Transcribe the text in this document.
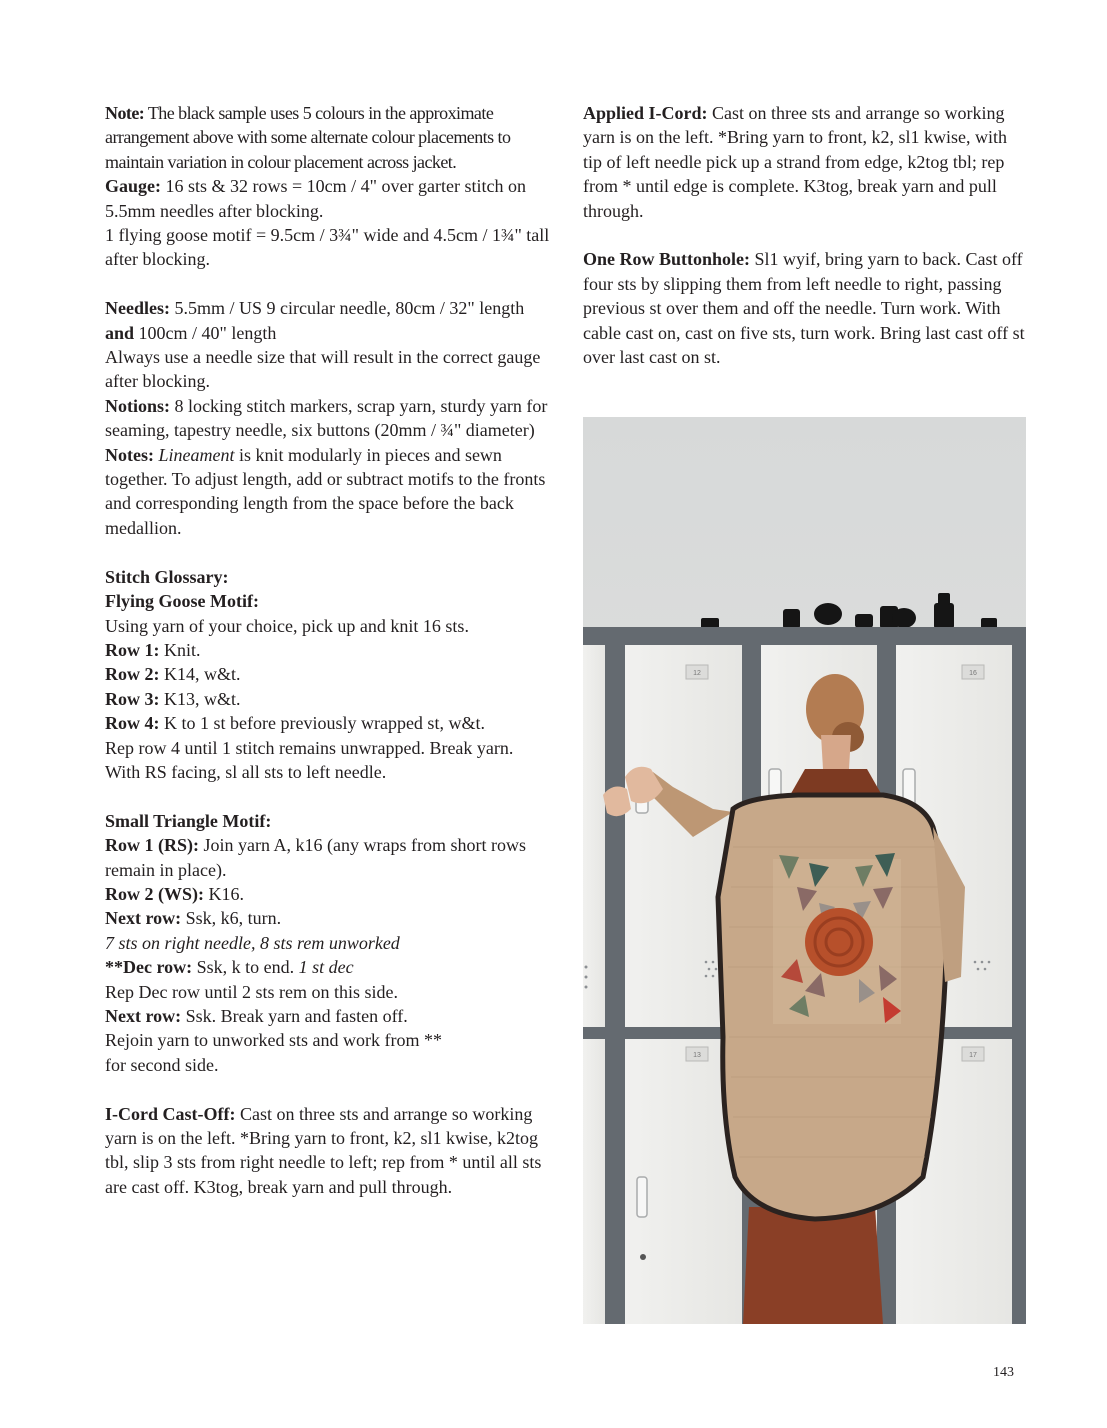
Note: The black sample uses 5 colours in the approximate arrangement above with some alternate colour placements to maintain variation in colour placement across jacket.

Gauge: 16 sts & 32 rows = 10cm / 4" over garter stitch on 5.5mm needles after blocking.

1 flying goose motif = 9.5cm / 3¾" wide and 4.5cm / 1¾" tall after blocking.

Needles: 5.5mm / US 9 circular needle, 80cm / 32" length and 100cm / 40" length

Always use a needle size that will result in the correct gauge after blocking.

Notions: 8 locking stitch markers, scrap yarn, sturdy yarn for seaming, tapestry needle, six buttons (20mm / ¾" diameter)

Notes: Lineament is knit modularly in pieces and sewn together. To adjust length, add or subtract motifs to the fronts and corresponding length from the space before the back medallion.

Stitch Glossary:

Flying Goose Motif:

Using yarn of your choice, pick up and knit 16 sts.

Row 1: Knit.

Row 2: K14, w&t.

Row 3: K13, w&t.

Row 4: K to 1 st before previously wrapped st, w&t.

Rep row 4 until 1 stitch remains unwrapped. Break yarn.

With RS facing, sl all sts to left needle.

Small Triangle Motif:

Row 1 (RS): Join yarn A, k16 (any wraps from short rows remain in place).

Row 2 (WS): K16.

Next row: Ssk, k6, turn.

7 sts on right needle, 8 sts rem unworked

**Dec row: Ssk, k to end. 1 st dec

Rep Dec row until 2 sts rem on this side.

Next row: Ssk. Break yarn and fasten off.

Rejoin yarn to unworked sts and work from **

for second side.

I-Cord Cast-Off: Cast on three sts and arrange so working yarn is on the left. *Bring yarn to front, k2, sl1 kwise, k2tog tbl, slip 3 sts from right needle to left; rep from * until all sts are cast off. K3tog, break yarn and pull through.

Applied I-Cord: Cast on three sts and arrange so working yarn is on the left. *Bring yarn to front, k2, sl1 kwise, with tip of left needle pick up a strand from edge, k2tog tbl; rep from * until edge is complete. K3tog, break yarn and pull through.

One Row Buttonhole: Sl1 wyif, bring yarn to back. Cast off four sts by slipping them from left needle to right, passing previous st over them and off the needle. Turn work. With cable cast on, cast on five sts, turn work. Bring last cast off st over last cast on st.

12	16
13	17
143
